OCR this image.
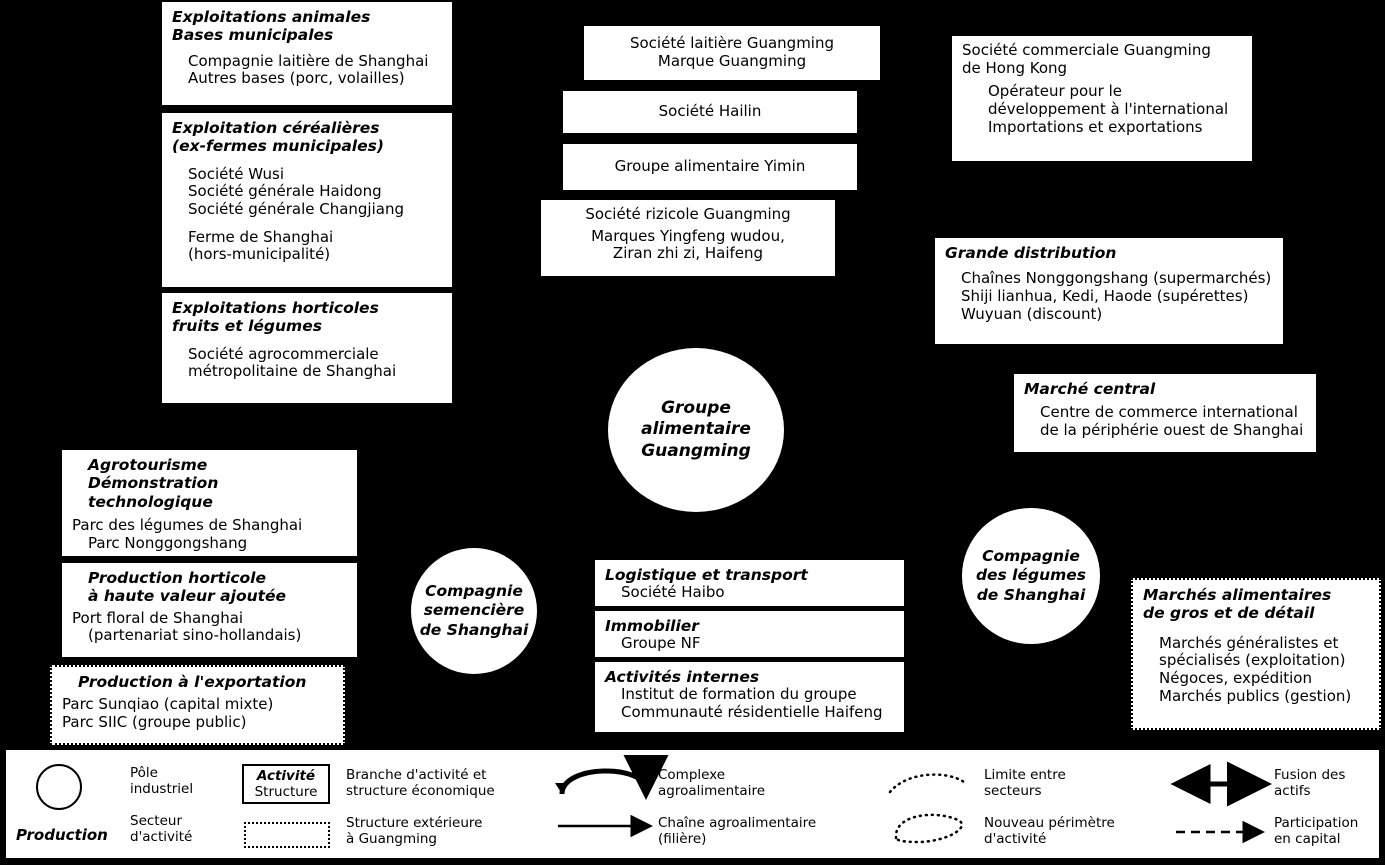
Exploitations animales
Bases municipales
Compagnie laitière de Shanghai
Autres bases (porc, volailles)
Exploitation céréalières
(ex-fermes municipales)
Société Wusi
Société générale Haidong
Société générale Changjiang
Ferme de Shanghai
(hors-municipalité)
Exploitations horticoles
fruits et légumes
Société agrocommerciale
métropolitaine de Shanghai
Société laitière Guangming
Marque Guangming
Société Hailin
Groupe alimentaire Yimin
Société rizicole Guangming
Marques Yingfeng wudou,
Ziran zhi zi, Haifeng
Société commerciale Guangming
de Hong Kong
Opérateur pour le
développement à l'international
Importations et exportations
Grande distribution
Chaînes Nonggongshang (supermarchés)
Shiji lianhua, Kedi, Haode (supérettes)
Wuyuan (discount)
Marché central
Centre de commerce international
de la périphérie ouest de Shanghai
Agrotourisme
Démonstration technologique
Parc des légumes de Shanghai
Parc Nonggongshang
Production horticole
à haute valeur ajoutée
Port floral de Shanghai
(partenariat sino-hollandais)
Production à l'exportation
Parc Sunqiao (capital mixte)
Parc SIIC (groupe public)
Logistique et transport
Société Haibo
Immobilier
Groupe NF
Activités internes
Institut de formation du groupe
Communauté résidentielle Haifeng
Marchés alimentaires
de gros et de détail
Marchés généralistes et
spécialisés (exploitation)
Négoces, expédition
Marchés publics (gestion)
Groupe
alimentaire
Guangming
Compagnie
semencière
de Shanghai
Compagnie
des légumes
de Shanghai
Pôle
industriel
Secteur
d'activité
Production
Activité
Structure
Branche d'activité et
structure économique
Structure extérieure
à Guangming
Complexe
agroalimentaire
Chaîne agroalimentaire
(filière)
Limite entre
secteurs
Nouveau périmètre
d'activité
Fusion des
actifs
Participation
en capital
